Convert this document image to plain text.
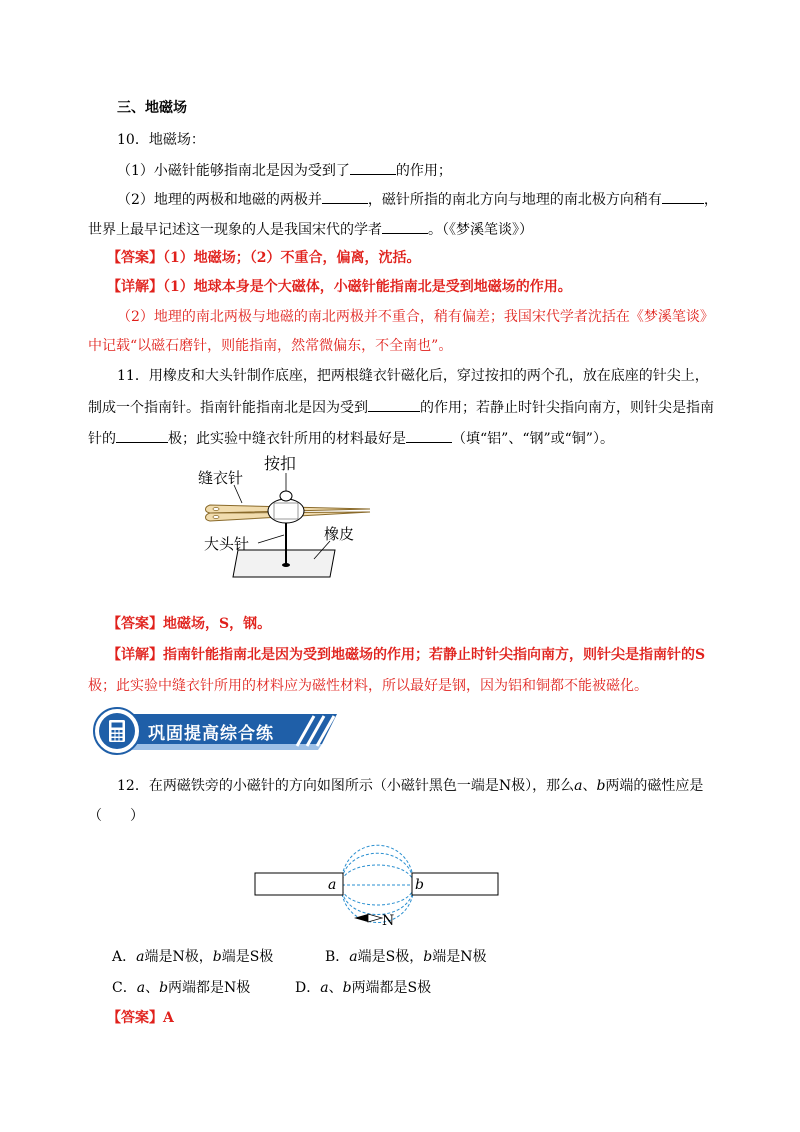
三、地磁场
10．地磁场：
（1）小磁针能够指南北是因为受到了	的作用；
（2）地理的两极和地磁的两极并	，磁针所指的南北方向与地理的南北极方向稍有	，
世界上最早记述这一现象的人是我国宋代的学者	。（《梦溪笔谈》）
【答案】（1）地磁场；（2）不重合，偏离，沈括。
【详解】（1）地球本身是个大磁体，小磁针能指南北是受到地磁场的作用。
（2）地理的南北两极与地磁的南北两极并不重合，稍有偏差；我国宋代学者沈括在《梦溪笔谈》
中记载“以磁石磨针，则能指南，然常微偏东，不全南也”。
11．用橡皮和大头针制作底座，把两根缝衣针磁化后，穿过按扣的两个孔，放在底座的针尖上，
制成一个指南针。指南针能指南北是因为受到	的作用；若静止时针尖指向南方，则针尖是指南
针的	极；此实验中缝衣针所用的材料最好是	（填“铝”、“钢”或“铜”）。
缝衣针
按扣
大头针
橡皮
【答案】地磁场，S，钢。
【详解】指南针能指南北是因为受到地磁场的作用；若静止时针尖指向南方，则针尖是指南针的S
极；此实验中缝衣针所用的材料应为磁性材料，所以最好是钢，因为铝和铜都不能被磁化。
巩固提高综合练
12．在两磁铁旁的小磁针的方向如图所示（小磁针黑色一端是N极），那么a、b两端的磁性应是
（　　）
a	b
N
A．a端是N极，b端是S极	B．a端是S极，b端是N极
C．a、b两端都是N极	D．a、b两端都是S极
【答案】A
